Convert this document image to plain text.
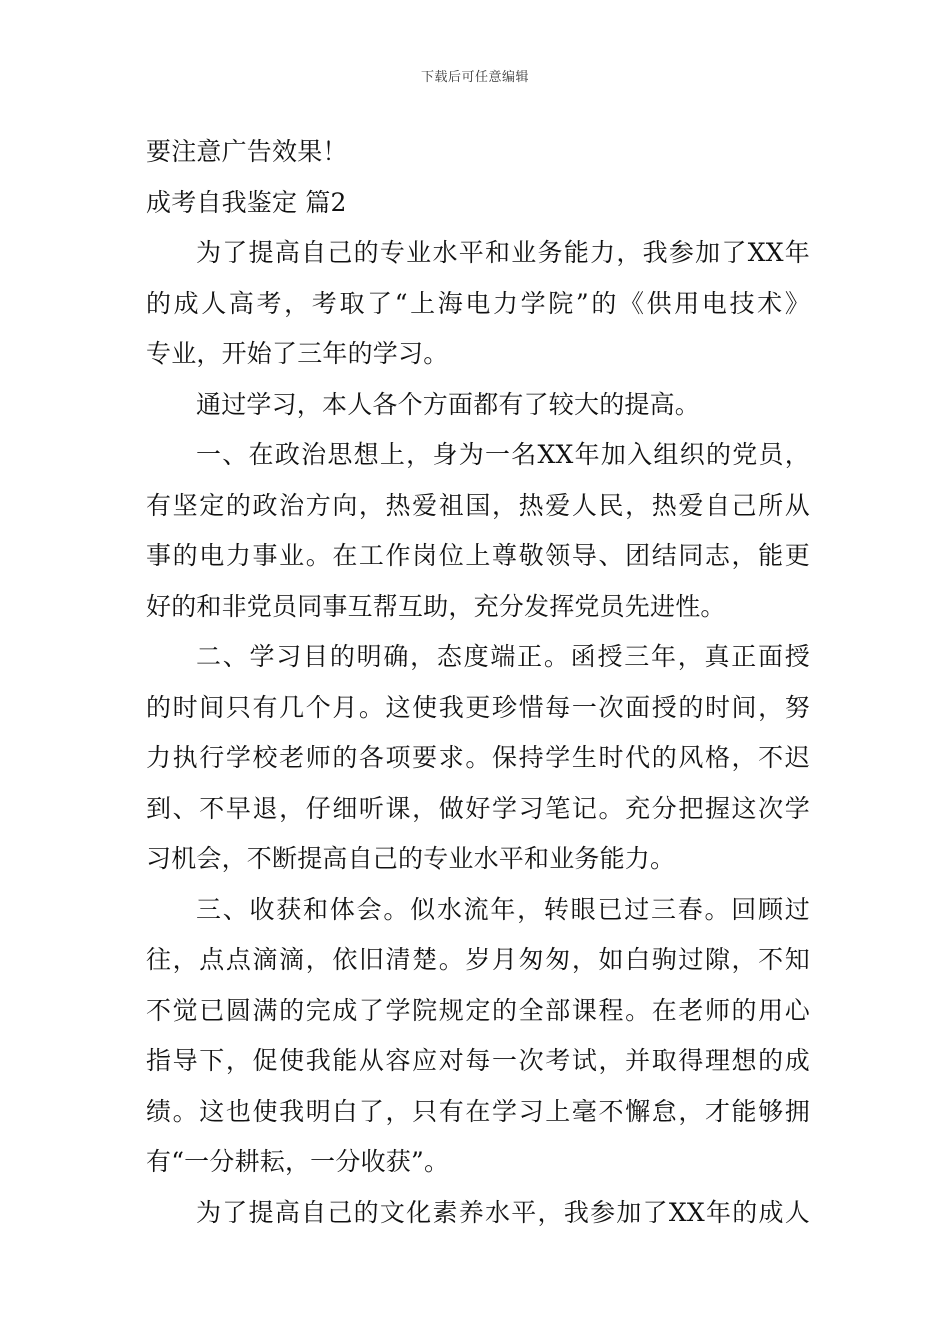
下载后可任意编辑
要注意广告效果！
成考自我鉴定 篇2
为了提高自己的专业水平和业务能力，我参加了XX年
的成人高考，考取了“上海电力学院”的《供用电技术》
专业，开始了三年的学习。
通过学习，本人各个方面都有了较大的提高。
一、在政治思想上，身为一名XX年加入组织的党员，
有坚定的政治方向，热爱祖国，热爱人民，热爱自己所从
事的电力事业。在工作岗位上尊敬领导、团结同志，能更
好的和非党员同事互帮互助，充分发挥党员先进性。
二、学习目的明确，态度端正。函授三年，真正面授
的时间只有几个月。这使我更珍惜每一次面授的时间，努
力执行学校老师的各项要求。保持学生时代的风格，不迟
到、不早退，仔细听课，做好学习笔记。充分把握这次学
习机会，不断提高自己的专业水平和业务能力。
三、收获和体会。似水流年，转眼已过三春。回顾过
往，点点滴滴，依旧清楚。岁月匆匆，如白驹过隙，不知
不觉已圆满的完成了学院规定的全部课程。在老师的用心
指导下，促使我能从容应对每一次考试，并取得理想的成
绩。这也使我明白了，只有在学习上毫不懈怠，才能够拥
有“一分耕耘，一分收获”。
为了提高自己的文化素养水平，我参加了XX年的成人
